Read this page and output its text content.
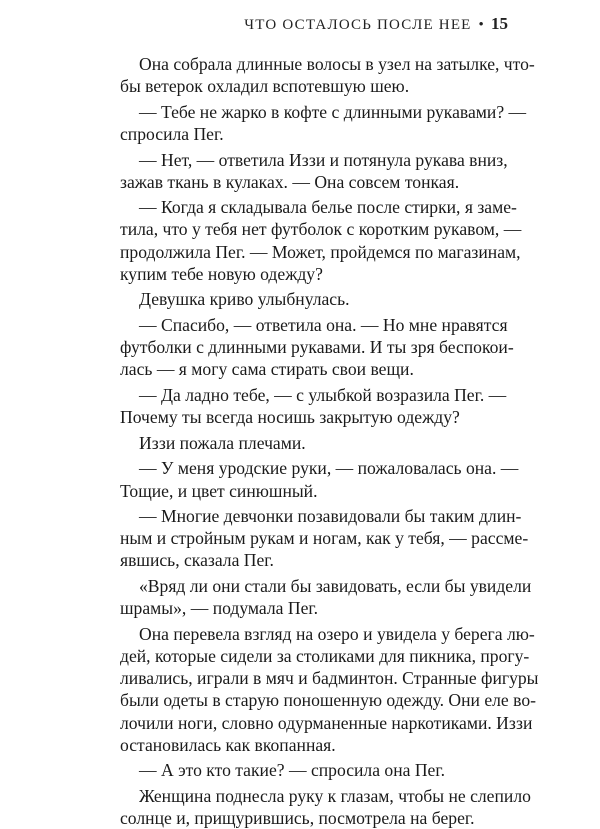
ЧТО ОСТАЛОСЬ ПОСЛЕ НЕЕ • 15
Она собрала длинные волосы в узел на затылке, что-
бы ветерок охладил вспотевшую шею.
— Тебе не жарко в кофте с длинными рукавами? —
спросила Пег.
— Нет, — ответила Иззи и потянула рукава вниз,
зажав ткань в кулаках. — Она совсем тонкая.
— Когда я складывала белье после стирки, я заме-
тила, что у тебя нет футболок с коротким рукавом, —
продолжила Пег. — Может, пройдемся по магазинам,
купим тебе новую одежду?
Девушка криво улыбнулась.
— Спасибо, — ответила она. — Но мне нравятся
футболки с длинными рукавами. И ты зря беспокои-
лась — я могу сама стирать свои вещи.
— Да ладно тебе, — с улыбкой возразила Пег. —
Почему ты всегда носишь закрытую одежду?
Иззи пожала плечами.
— У меня уродские руки, — пожаловалась она. —
Тощие, и цвет синюшный.
— Многие девчонки позавидовали бы таким длин-
ным и стройным рукам и ногам, как у тебя, — рассме-
явшись, сказала Пег.
«Вряд ли они стали бы завидовать, если бы увидели
шрамы», — подумала Пег.
Она перевела взгляд на озеро и увидела у берега лю-
дей, которые сидели за столиками для пикника, прогу-
ливались, играли в мяч и бадминтон. Странные фигуры
были одеты в старую поношенную одежду. Они еле во-
лочили ноги, словно одурманенные наркотиками. Иззи
остановилась как вкопанная.
— А это кто такие? — спросила она Пег.
Женщина поднесла руку к глазам, чтобы не слепило
солнце и, прищурившись, посмотрела на берег.
